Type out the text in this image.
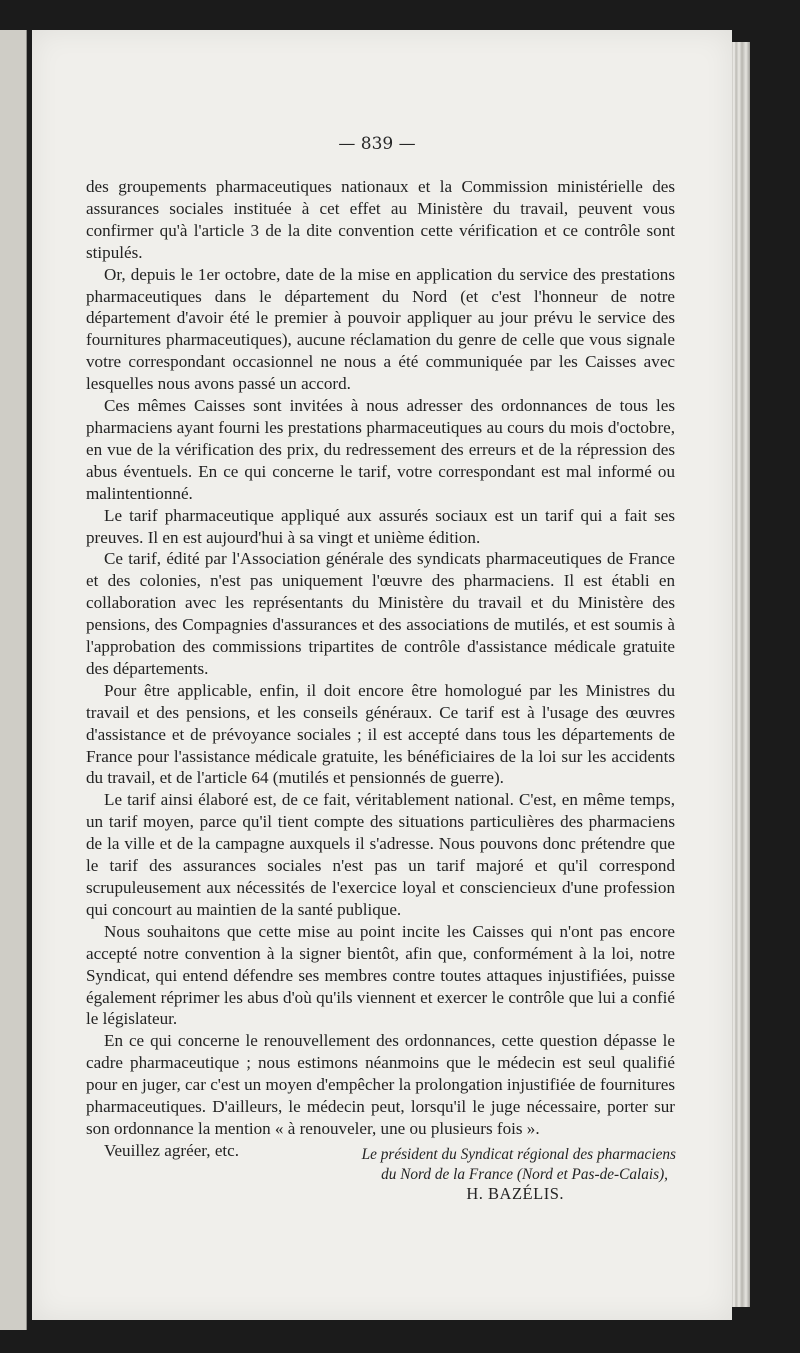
— 839 —

des groupements pharmaceutiques nationaux et la Commission ministérielle des assurances sociales instituée à cet effet au Ministère du travail, peuvent vous confirmer qu'à l'article 3 de la dite convention cette vérification et ce contrôle sont stipulés.

Or, depuis le 1er octobre, date de la mise en application du service des prestations pharmaceutiques dans le département du Nord (et c'est l'honneur de notre département d'avoir été le premier à pouvoir appliquer au jour prévu le service des fournitures pharmaceutiques), aucune réclamation du genre de celle que vous signale votre correspondant occasionnel ne nous a été communiquée par les Caisses avec lesquelles nous avons passé un accord.

Ces mêmes Caisses sont invitées à nous adresser des ordonnances de tous les pharmaciens ayant fourni les prestations pharmaceutiques au cours du mois d'octobre, en vue de la vérification des prix, du redressement des erreurs et de la répression des abus éventuels. En ce qui concerne le tarif, votre correspondant est mal informé ou malintentionné.

Le tarif pharmaceutique appliqué aux assurés sociaux est un tarif qui a fait ses preuves. Il en est aujourd'hui à sa vingt et unième édition.

Ce tarif, édité par l'Association générale des syndicats pharmaceutiques de France et des colonies, n'est pas uniquement l'œuvre des pharmaciens. Il est établi en collaboration avec les représentants du Ministère du travail et du Ministère des pensions, des Compagnies d'assurances et des associations de mutilés, et est soumis à l'approbation des commissions tripartites de contrôle d'assistance médicale gratuite des départements.

Pour être applicable, enfin, il doit encore être homologué par les Ministres du travail et des pensions, et les conseils généraux. Ce tarif est à l'usage des œuvres d'assistance et de prévoyance sociales ; il est accepté dans tous les départements de France pour l'assistance médicale gratuite, les bénéficiaires de la loi sur les accidents du travail, et de l'article 64 (mutilés et pensionnés de guerre).

Le tarif ainsi élaboré est, de ce fait, véritablement national. C'est, en même temps, un tarif moyen, parce qu'il tient compte des situations particulières des pharmaciens de la ville et de la campagne auxquels il s'adresse. Nous pouvons donc prétendre que le tarif des assurances sociales n'est pas un tarif majoré et qu'il correspond scrupuleusement aux nécessités de l'exercice loyal et consciencieux d'une profession qui concourt au maintien de la santé publique.

Nous souhaitons que cette mise au point incite les Caisses qui n'ont pas encore accepté notre convention à la signer bientôt, afin que, conformément à la loi, notre Syndicat, qui entend défendre ses membres contre toutes attaques injustifiées, puisse également réprimer les abus d'où qu'ils viennent et exercer le contrôle que lui a confié le législateur.

En ce qui concerne le renouvellement des ordonnances, cette question dépasse le cadre pharmaceutique ; nous estimons néanmoins que le médecin est seul qualifié pour en juger, car c'est un moyen d'empêcher la prolongation injustifiée de fournitures pharmaceutiques. D'ailleurs, le médecin peut, lorsqu'il le juge nécessaire, porter sur son ordonnance la mention « à renouveler, une ou plusieurs fois ».

Veuillez agréer, etc.	Le président du Syndicat régional des pharmaciens
du Nord de la France (Nord et Pas-de-Calais),
H. BAZÉLIS.
